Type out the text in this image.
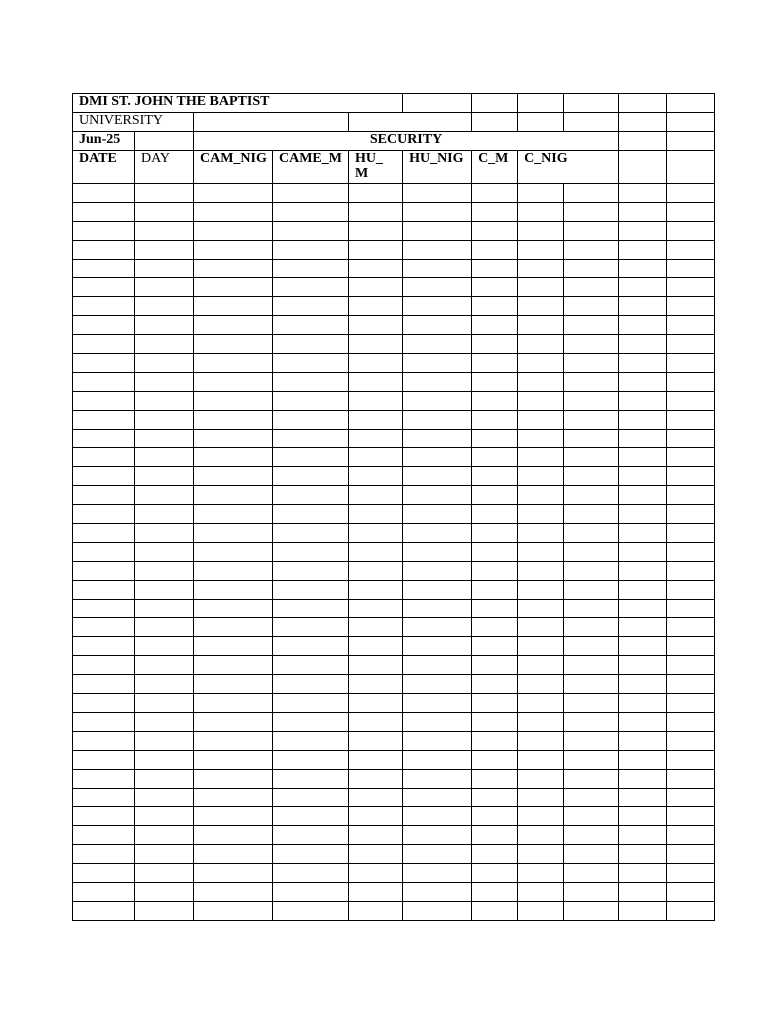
DMI ST. JOHN THE BAPTIST										
UNIVERSITY										
Jun-25		SECURITY								
DATE	DAY	CAM_NIG	CAME_M	HU_ M	HU_NIG	C_M	C_NIG			
